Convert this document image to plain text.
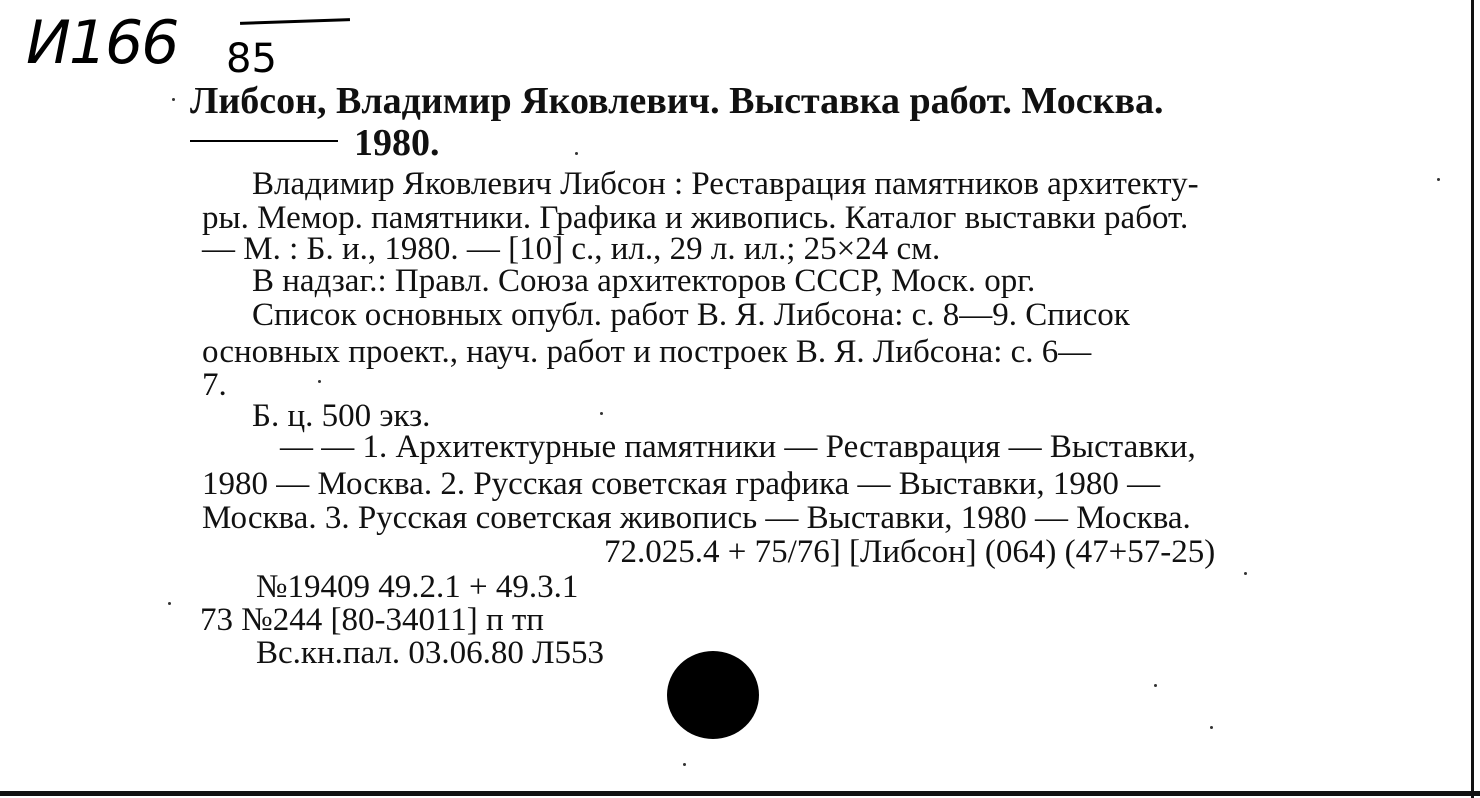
И166 85
Либсон, Владимир Яковлевич. Выставка работ. Москва.
1980.
Владимир Яковлевич Либсон : Реставрация памятников архитекту-
ры. Мемор. памятники. Графика и живопись. Каталог выставки работ.
— М. : Б. и., 1980. — [10] с., ил., 29 л. ил.; 25×24 см.
В надзаг.: Правл. Союза архитекторов СССР, Моск. орг.
Список основных опубл. работ В. Я. Либсона: с. 8—9. Список
основных проект., науч. работ и построек В. Я. Либсона: с. 6—
7.
Б. ц. 500 экз.
— — 1. Архитектурные памятники — Реставрация — Выставки,
1980 — Москва. 2. Русская советская графика — Выставки, 1980 —
Москва. 3. Русская советская живопись — Выставки, 1980 — Москва.
72.025.4 + 75/76] [Либсон] (064) (47+57-25)
№19409 49.2.1 + 49.3.1
73 №244 [80-34011] п тп
Вс.кн.пал. 03.06.80 Л553
